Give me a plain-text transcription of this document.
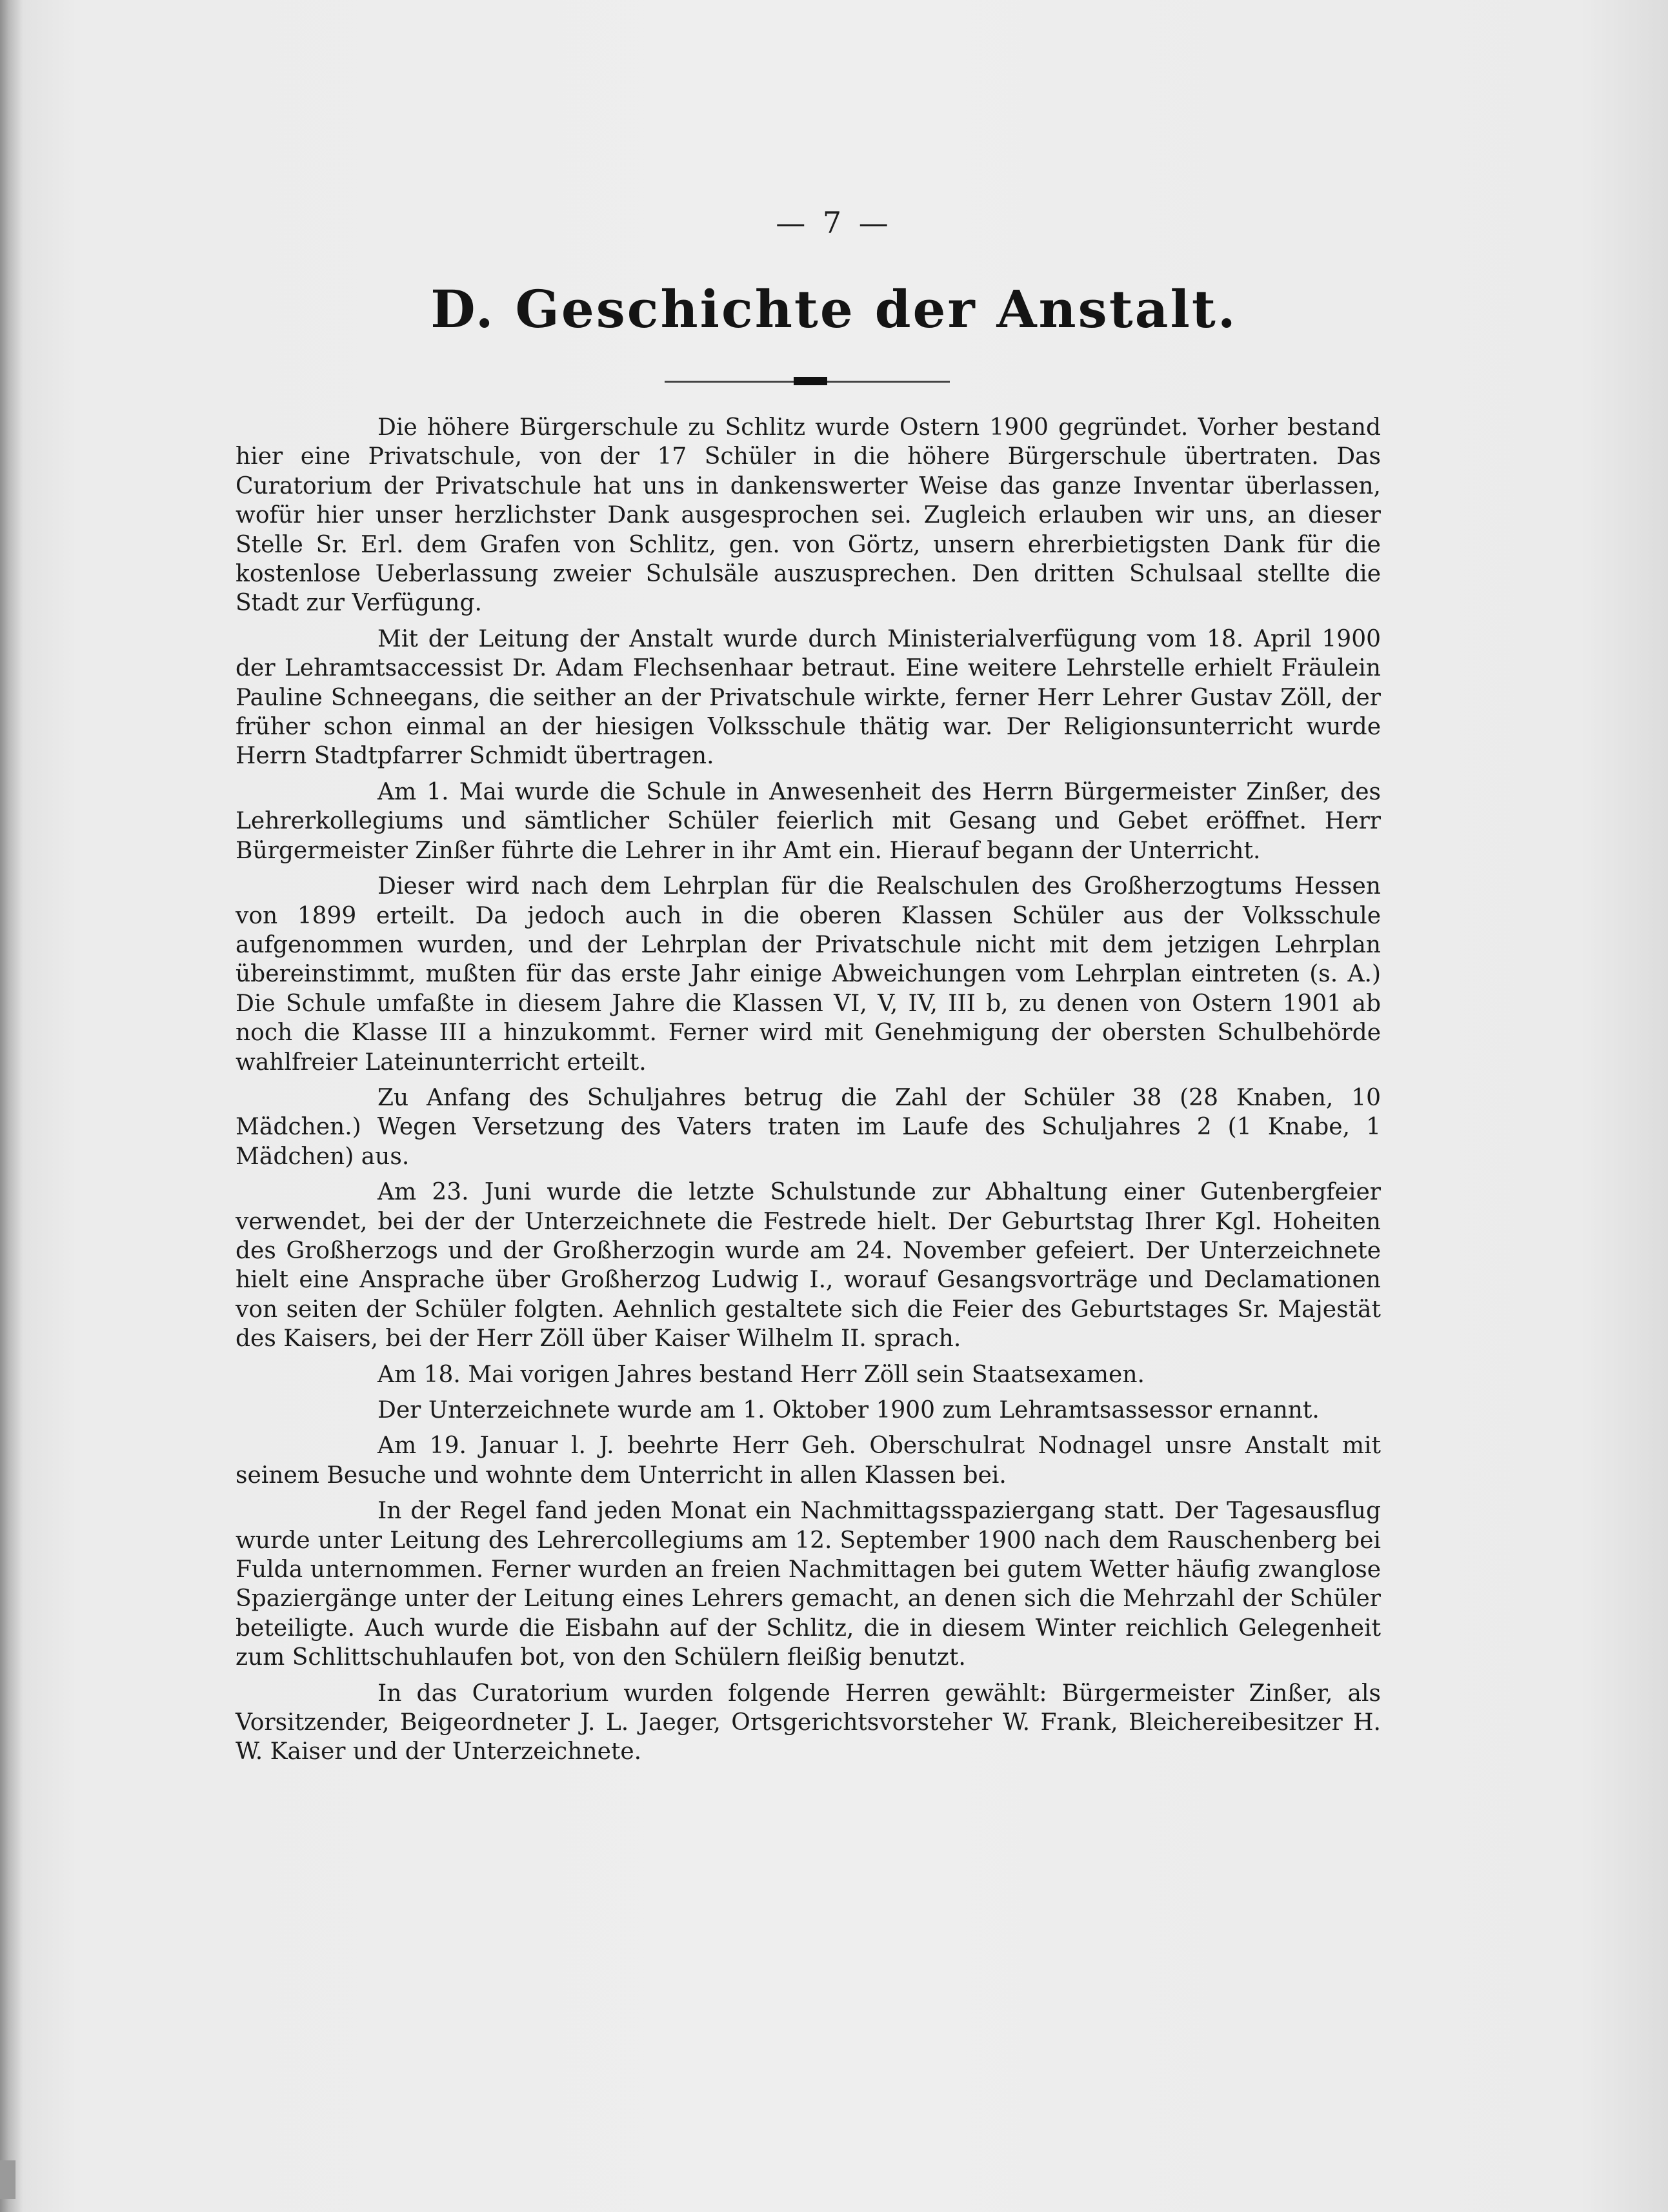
— 7 —
D. Geschichte der Anstalt.

Die höhere Bürgerschule zu Schlitz wurde Ostern 1900 gegründet. Vorher bestand hier eine Privatschule, von der 17 Schüler in die höhere Bürgerschule übertraten. Das Curatorium der Privatschule hat uns in dankenswerter Weise das ganze Inventar überlassen, wofür hier unser herzlichster Dank ausgesprochen sei. Zugleich erlauben wir uns, an dieser Stelle Sr. Erl. dem Grafen von Schlitz, gen. von Görtz, unsern ehrerbietigsten Dank für die kostenlose Ueberlassung zweier Schulsäle auszusprechen. Den dritten Schulsaal stellte die Stadt zur Verfügung.

Mit der Leitung der Anstalt wurde durch Ministerialverfügung vom 18. April 1900 der Lehramtsaccessist Dr. Adam Flechsenhaar betraut. Eine weitere Lehrstelle erhielt Fräulein Pauline Schneegans, die seither an der Privatschule wirkte, ferner Herr Lehrer Gustav Zöll, der früher schon einmal an der hiesigen Volksschule thätig war. Der Religionsunterricht wurde Herrn Stadtpfarrer Schmidt übertragen.

Am 1. Mai wurde die Schule in Anwesenheit des Herrn Bürgermeister Zinßer, des Lehrerkollegiums und sämtlicher Schüler feierlich mit Gesang und Gebet eröffnet. Herr Bürgermeister Zinßer führte die Lehrer in ihr Amt ein. Hierauf begann der Unterricht.

Dieser wird nach dem Lehrplan für die Realschulen des Großherzogtums Hessen von 1899 erteilt. Da jedoch auch in die oberen Klassen Schüler aus der Volksschule aufgenommen wurden, und der Lehrplan der Privatschule nicht mit dem jetzigen Lehrplan übereinstimmt, mußten für das erste Jahr einige Abweichungen vom Lehrplan eintreten (s. A.) Die Schule umfaßte in diesem Jahre die Klassen VI, V, IV, III b, zu denen von Ostern 1901 ab noch die Klasse III a hinzukommt. Ferner wird mit Genehmigung der obersten Schulbehörde wahlfreier Lateinunterricht erteilt.

Zu Anfang des Schuljahres betrug die Zahl der Schüler 38 (28 Knaben, 10 Mädchen.) Wegen Versetzung des Vaters traten im Laufe des Schuljahres 2 (1 Knabe, 1 Mädchen) aus.

Am 23. Juni wurde die letzte Schulstunde zur Abhaltung einer Gutenbergfeier verwendet, bei der der Unterzeichnete die Festrede hielt. Der Geburtstag Ihrer Kgl. Hoheiten des Großherzogs und der Großherzogin wurde am 24. November gefeiert. Der Unterzeichnete hielt eine Ansprache über Großherzog Ludwig I., worauf Gesangsvorträge und Declamationen von seiten der Schüler folgten. Aehnlich gestaltete sich die Feier des Geburtstages Sr. Majestät des Kaisers, bei der Herr Zöll über Kaiser Wilhelm II. sprach.

Am 18. Mai vorigen Jahres bestand Herr Zöll sein Staatsexamen.

Der Unterzeichnete wurde am 1. Oktober 1900 zum Lehramtsassessor ernannt.

Am 19. Januar l. J. beehrte Herr Geh. Oberschulrat Nodnagel unsre Anstalt mit seinem Besuche und wohnte dem Unterricht in allen Klassen bei.

In der Regel fand jeden Monat ein Nachmittagsspaziergang statt. Der Tagesausflug wurde unter Leitung des Lehrercollegiums am 12. September 1900 nach dem Rauschenberg bei Fulda unternommen. Ferner wurden an freien Nachmittagen bei gutem Wetter häufig zwanglose Spaziergänge unter der Leitung eines Lehrers gemacht, an denen sich die Mehrzahl der Schüler beteiligte. Auch wurde die Eisbahn auf der Schlitz, die in diesem Winter reichlich Gelegenheit zum Schlittschuhlaufen bot, von den Schülern fleißig benutzt.

In das Curatorium wurden folgende Herren gewählt: Bürgermeister Zinßer, als Vorsitzender, Beigeordneter J. L. Jaeger, Ortsgerichtsvorsteher W. Frank, Bleichereibesitzer H. W. Kaiser und der Unterzeichnete.
